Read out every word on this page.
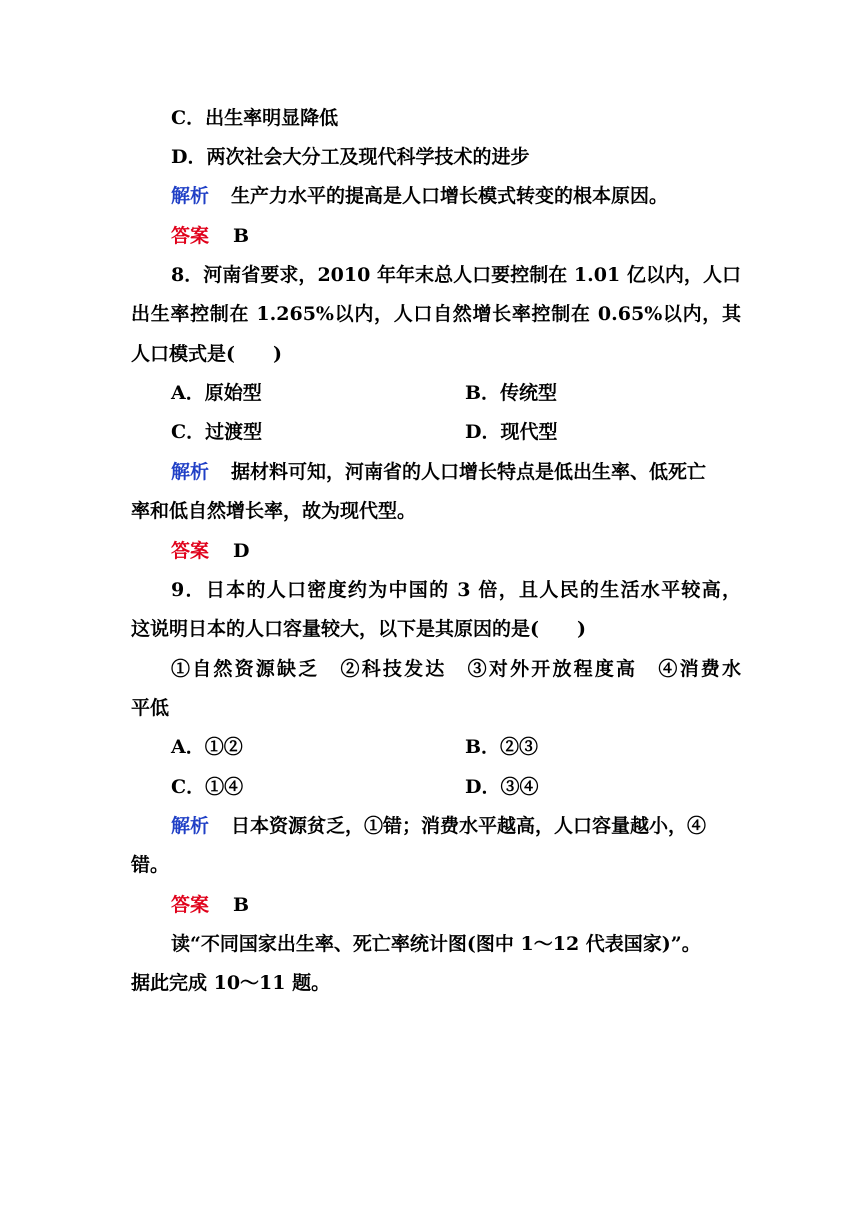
C．出生率明显降低
D．两次社会大分工及现代科学技术的进步
解析 生产力水平的提高是人口增长模式转变的根本原因。
答案 B
8．河南省要求，2010 年年末总人口要控制在 1.01 亿以内，人口
出生率控制在 1.265%以内，人口自然增长率控制在 0.65%以内，其
人口模式是(　　)
A．原始型	B．传统型
C．过渡型	D．现代型
解析 据材料可知，河南省的人口增长特点是低出生率、低死亡
率和低自然增长率，故为现代型。
答案 D
9．日本的人口密度约为中国的 3 倍，且人民的生活水平较高，
这说明日本的人口容量较大，以下是其原因的是(　　)
①自然资源缺乏　②科技发达　③对外开放程度高　④消费水
平低
A．①②	B．②③
C．①④	D．③④
解析 日本资源贫乏，①错；消费水平越高，人口容量越小，④
错。
答案 B
读“不同国家出生率、死亡率统计图(图中 1～12 代表国家)”。
据此完成 10～11 题。
